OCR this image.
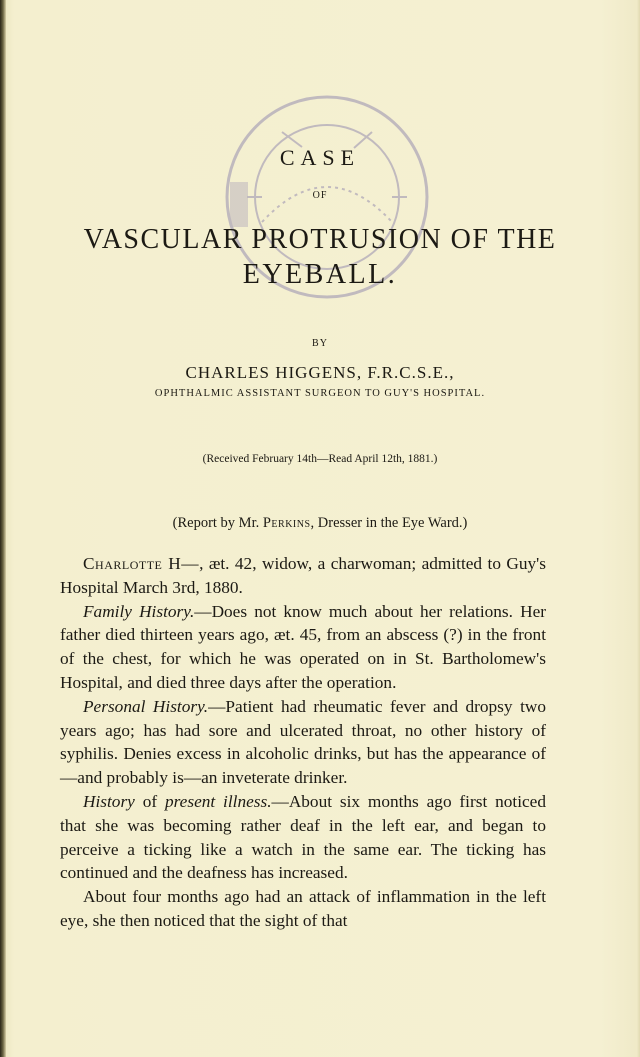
CASE
OF
VASCULAR PROTRUSION OF THE
EYEBALL.
BY
CHARLES HIGGENS, F.R.C.S.E.,
OPHTHALMIC ASSISTANT SURGEON TO GUY'S HOSPITAL.
(Received February 14th—Read April 12th, 1881.)
(Report by Mr. Perkins, Dresser in the Eye Ward.)

Charlotte H—, æt. 42, widow, a charwoman; admitted to Guy's Hospital March 3rd, 1880.

Family History.—Does not know much about her relations. Her father died thirteen years ago, æt. 45, from an abscess (?) in the front of the chest, for which he was operated on in St. Bartholomew's Hospital, and died three days after the operation.

Personal History.—Patient had rheumatic fever and dropsy two years ago; has had sore and ulcerated throat, no other history of syphilis. Denies excess in alcoholic drinks, but has the appearance of—and probably is—an inveterate drinker.

History of present illness.—About six months ago first noticed that she was becoming rather deaf in the left ear, and began to perceive a ticking like a watch in the same ear. The ticking has continued and the deafness has increased.

About four months ago had an attack of inflammation in the left eye, she then noticed that the sight of that
